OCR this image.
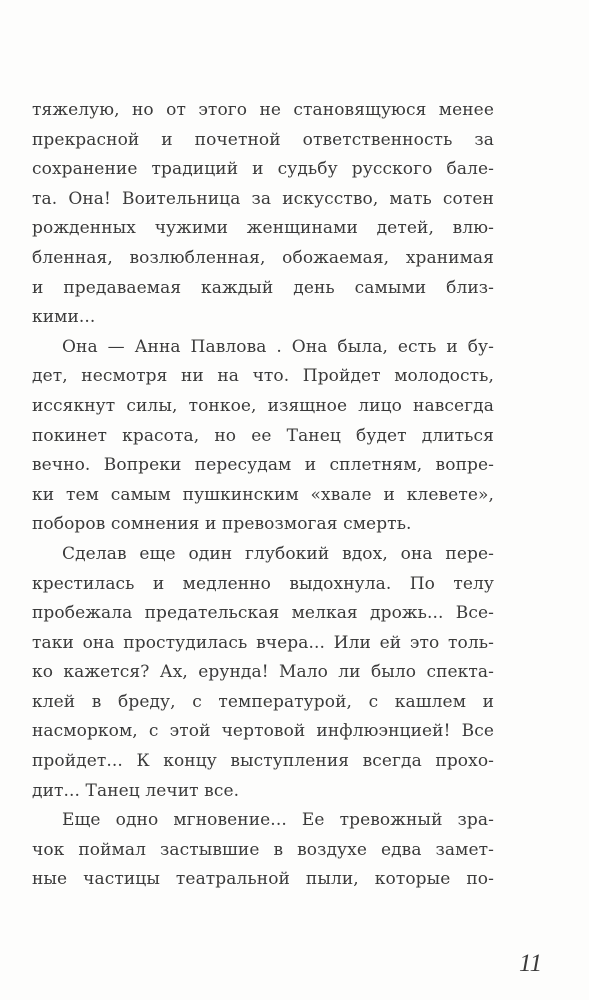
тяжелую, но от этого не становящуюся менее
прекрасной и почетной ответственность за
сохранение традиций и судьбу русского бале-
та. Она! Воительница за искусство, мать сотен
рожденных чужими женщинами детей, влю-
бленная, возлюбленная, обожаемая, хранимая
и предаваемая каждый день самыми близ-
кими...
Она — Анна Павлова . Она была, есть и бу-
дет, несмотря ни на что. Пройдет молодость,
иссякнут силы, тонкое, изящное лицо навсегда
покинет красота, но ее Танец будет длиться
вечно. Вопреки пересудам и сплетням, вопре-
ки тем самым пушкинским «хвале и клевете»,
поборов сомнения и превозмогая смерть.
Сделав еще один глубокий вдох, она пере-
крестилась и медленно выдохнула. По телу
пробежала предательская мелкая дрожь... Все-
таки она простудилась вчера... Или ей это толь-
ко кажется? Ах, ерунда! Мало ли было спекта-
клей в бреду, с температурой, с кашлем и
насморком, с этой чертовой инфлюэнцией! Все
пройдет... К концу выступления всегда прохо-
дит... Танец лечит все.
Еще одно мгновение... Ее тревожный зра-
чок поймал застывшие в воздухе едва замет-
ные частицы театральной пыли, которые по-
11
